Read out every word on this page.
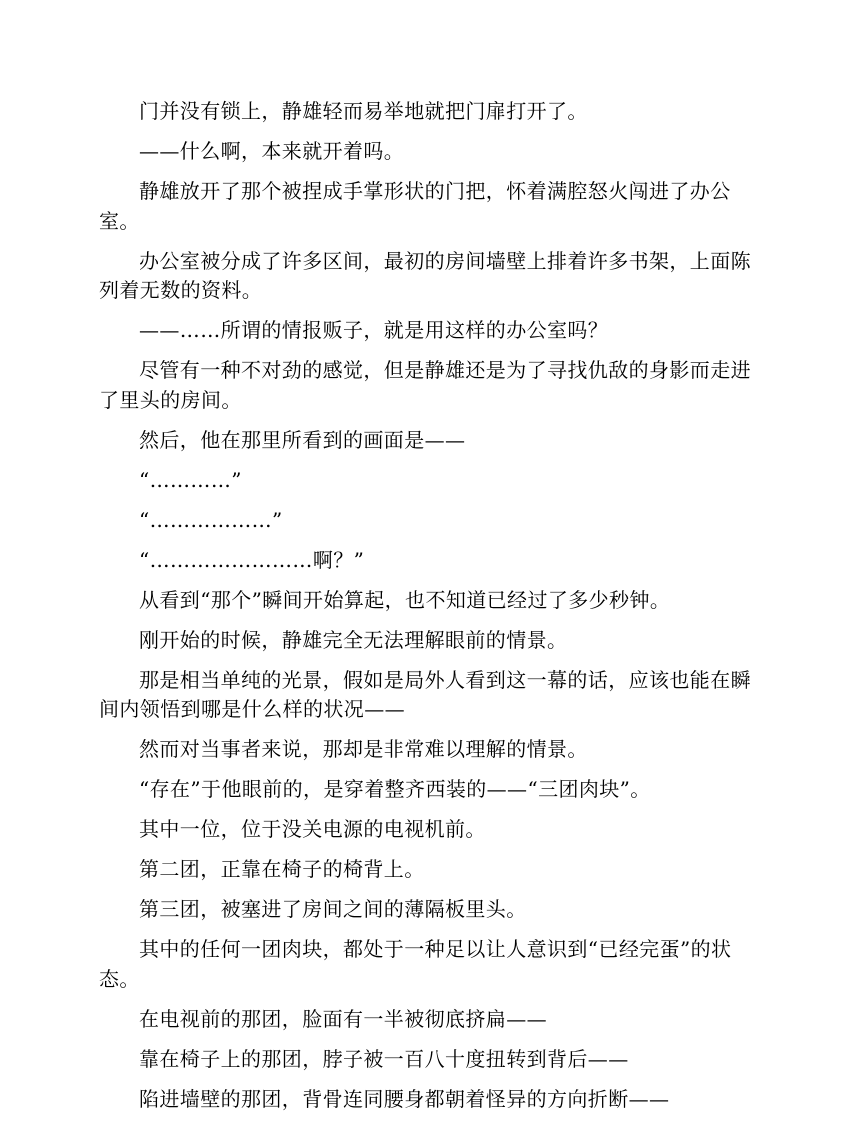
门并没有锁上，静雄轻而易举地就把门扉打开了。

——什么啊，本来就开着吗。

静雄放开了那个被捏成手掌形状的门把，怀着满腔怒火闯进了办公室。

办公室被分成了许多区间，最初的房间墙壁上排着许多书架，上面陈列着无数的资料。

——……所谓的情报贩子，就是用这样的办公室吗？

尽管有一种不对劲的感觉，但是静雄还是为了寻找仇敌的身影而走进了里头的房间。

然后，他在那里所看到的画面是——

“…………”

“………………”

“……………………啊？”

从看到“那个”瞬间开始算起，也不知道已经过了多少秒钟。

刚开始的时候，静雄完全无法理解眼前的情景。

那是相当单纯的光景，假如是局外人看到这一幕的话，应该也能在瞬间内领悟到哪是什么样的状况——

然而对当事者来说，那却是非常难以理解的情景。

“存在”于他眼前的，是穿着整齐西装的——“三团肉块”。

其中一位，位于没关电源的电视机前。

第二团，正靠在椅子的椅背上。

第三团，被塞进了房间之间的薄隔板里头。

其中的任何一团肉块，都处于一种足以让人意识到“已经完蛋”的状态。

在电视前的那团，脸面有一半被彻底挤扁——

靠在椅子上的那团，脖子被一百八十度扭转到背后——

陷进墙壁的那团，背骨连同腰身都朝着怪异的方向折断——
